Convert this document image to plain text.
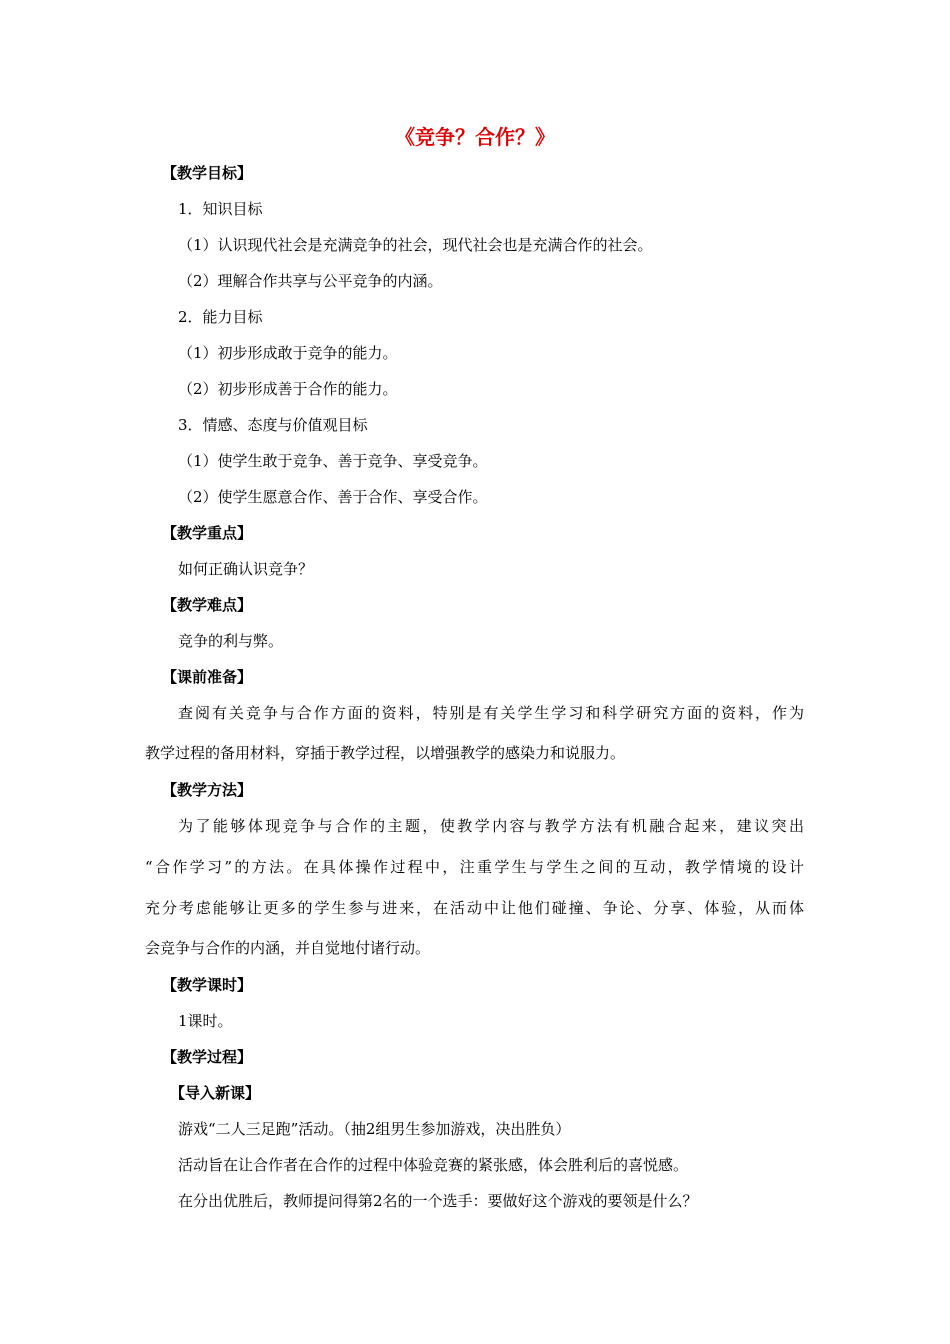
《竞争？合作？》
【教学目标】
1．知识目标
（1）认识现代社会是充满竞争的社会，现代社会也是充满合作的社会。
（2）理解合作共享与公平竞争的内涵。
2．能力目标
（1）初步形成敢于竞争的能力。
（2）初步形成善于合作的能力。
3．情感、态度与价值观目标
（1）使学生敢于竞争、善于竞争、享受竞争。
（2）使学生愿意合作、善于合作、享受合作。
【教学重点】
如何正确认识竞争？
【教学难点】
竞争的利与弊。
【课前准备】
查阅有关竞争与合作方面的资料，特别是有关学生学习和科学研究方面的资料，作为
教学过程的备用材料，穿插于教学过程，以增强教学的感染力和说服力。
【教学方法】
为了能够体现竞争与合作的主题，使教学内容与教学方法有机融合起来，建议突出
“合作学习”的方法。在具体操作过程中，注重学生与学生之间的互动，教学情境的设计
充分考虑能够让更多的学生参与进来，在活动中让他们碰撞、争论、分享、体验，从而体
会竞争与合作的内涵，并自觉地付诸行动。
【教学课时】
1课时。
【教学过程】
【导入新课】
游戏“二人三足跑”活动。（抽2组男生参加游戏，决出胜负）
活动旨在让合作者在合作的过程中体验竞赛的紧张感，体会胜利后的喜悦感。
在分出优胜后，教师提问得第2名的一个选手：要做好这个游戏的要领是什么？
